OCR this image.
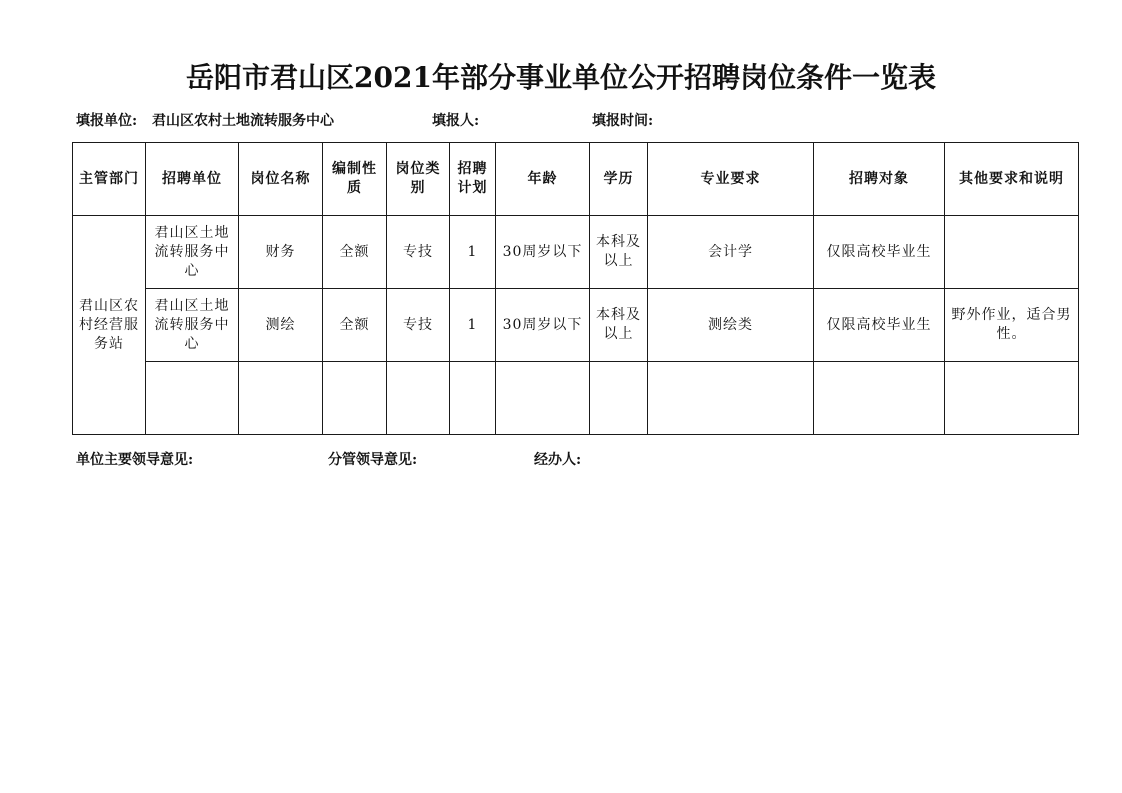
岳阳市君山区2021年部分事业单位公开招聘岗位条件一览表
填报单位: 君山区农村土地流转服务中心	填报人:	填报时间:
主管部门	招聘单位	岗位名称	编制性质	岗位类别	招聘计划	年龄	学历	专业要求	招聘对象	其他要求和说明
君山区农村经营服务站	君山区土地流转服务中心	财务	全额	专技	1	30周岁以下	本科及以上	会计学	仅限高校毕业生	
	君山区土地流转服务中心	测绘	全额	专技	1	30周岁以下	本科及以上	测绘类	仅限高校毕业生	野外作业，适合男性。

单位主要领导意见:	分管领导意见:	经办人:
